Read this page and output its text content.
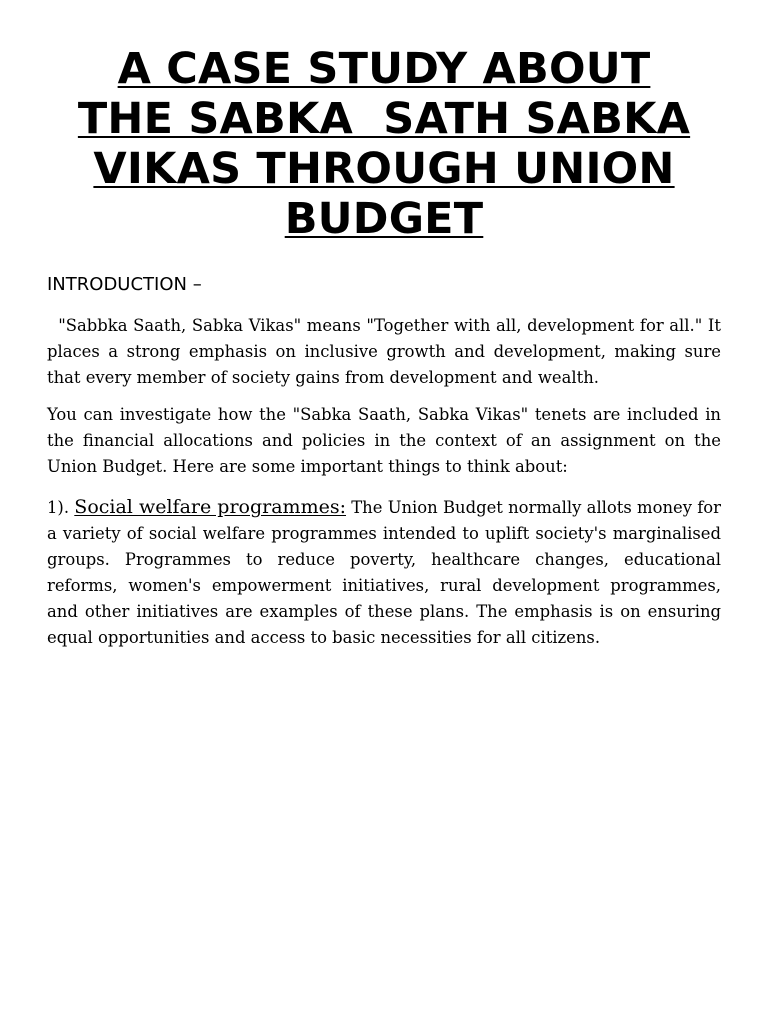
A CASE STUDY ABOUT
THE SABKA  SATH SABKA
VIKAS THROUGH UNION
BUDGET
INTRODUCTION –

"Sabbka Saath, Sabka Vikas" means "Together with all, development for all." It places a strong emphasis on inclusive growth and development, making sure that every member of society gains from development and wealth.

You can investigate how the "Sabka Saath, Sabka Vikas" tenets are included in the financial allocations and policies in the context of an assignment on the Union Budget. Here are some important things to think about:

1). Social welfare programmes: The Union Budget normally allots money for a variety of social welfare programmes intended to uplift society's marginalised groups. Programmes to reduce poverty, healthcare changes, educational reforms, women's empowerment initiatives, rural development programmes, and other initiatives are examples of these plans. The emphasis is on ensuring equal opportunities and access to basic necessities for all citizens.
